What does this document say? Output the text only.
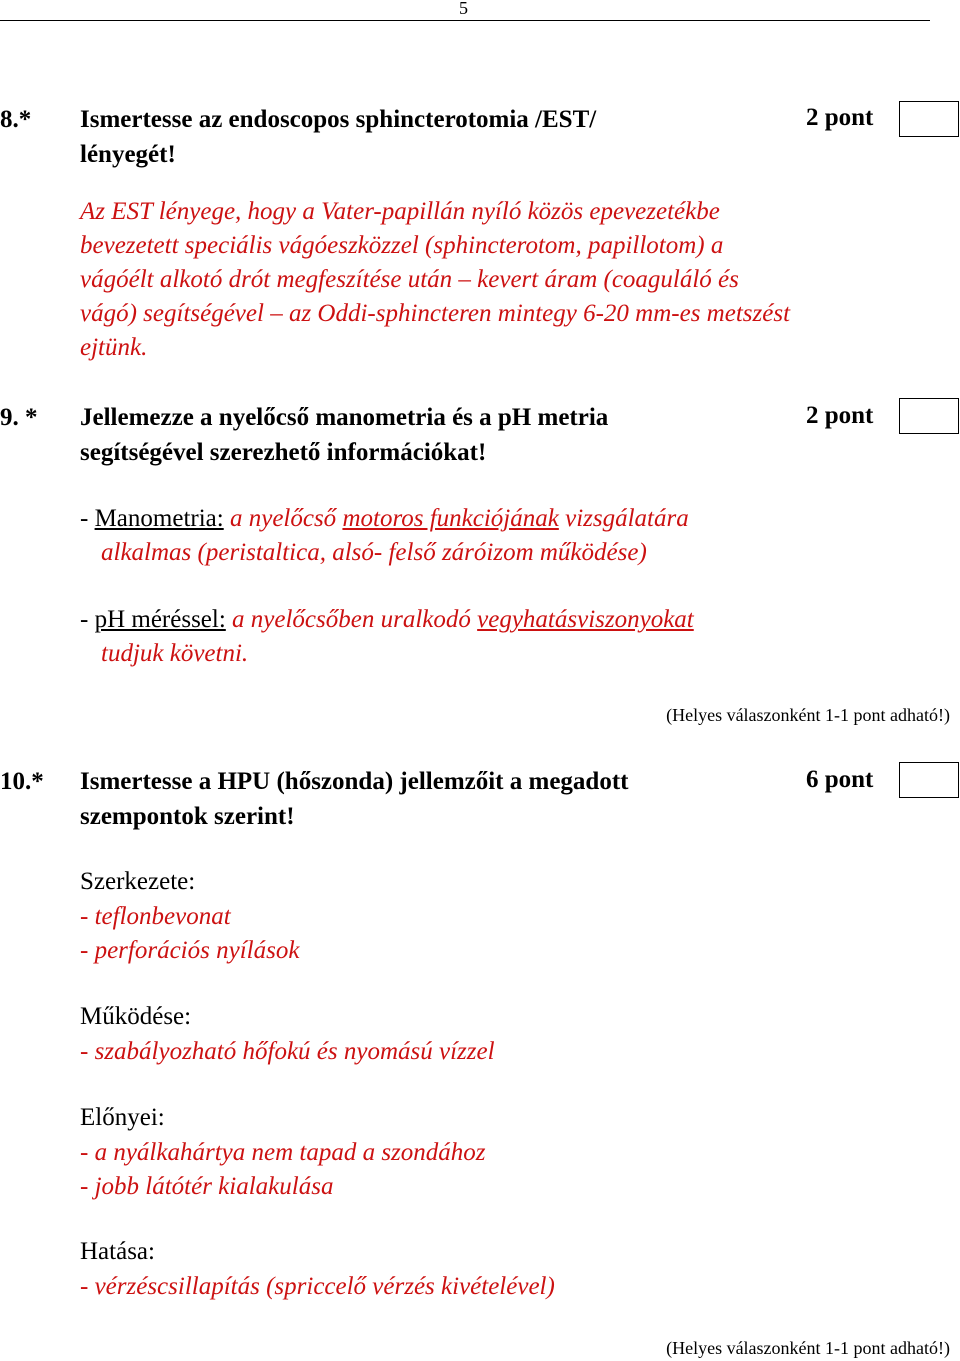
5
8.* Ismertesse az endoscopos sphincterotomia /EST/
lényegét!
2 pont
Az EST lényege, hogy a Vater-papillán nyíló közös epevezetékbe
bevezetett speciális vágóeszközzel (sphincterotom, papillotom) a
vágóélt alkotó drót megfeszítése után – kevert áram (coaguláló és
vágó) segítségével – az Oddi-sphincteren mintegy 6-20 mm-es metszést
ejtünk.
9. * Jellemezze a nyelőcső manometria és a pH metria
segítségével szerezhető információkat!
2 pont
- Manometria: a nyelőcső motoros funkciójának vizsgálatára
alkalmas (peristaltica, alsó- felső záróizom működése)
- pH méréssel: a nyelőcsőben uralkodó vegyhatásviszonyokat
tudjuk követni.
(Helyes válaszonként 1-1 pont adható!)
10.* Ismertesse a HPU (hőszonda) jellemzőit a megadott
szempontok szerint!
6 pont
Szerkezete:
- teflonbevonat
- perforációs nyílások
Működése:
- szabályozható hőfokú és nyomású vízzel
Előnyei:
- a nyálkahártya nem tapad a szondához
- jobb látótér kialakulása
Hatása:
- vérzéscsillapítás (spriccelő vérzés kivételével)
(Helyes válaszonként 1-1 pont adható!)
